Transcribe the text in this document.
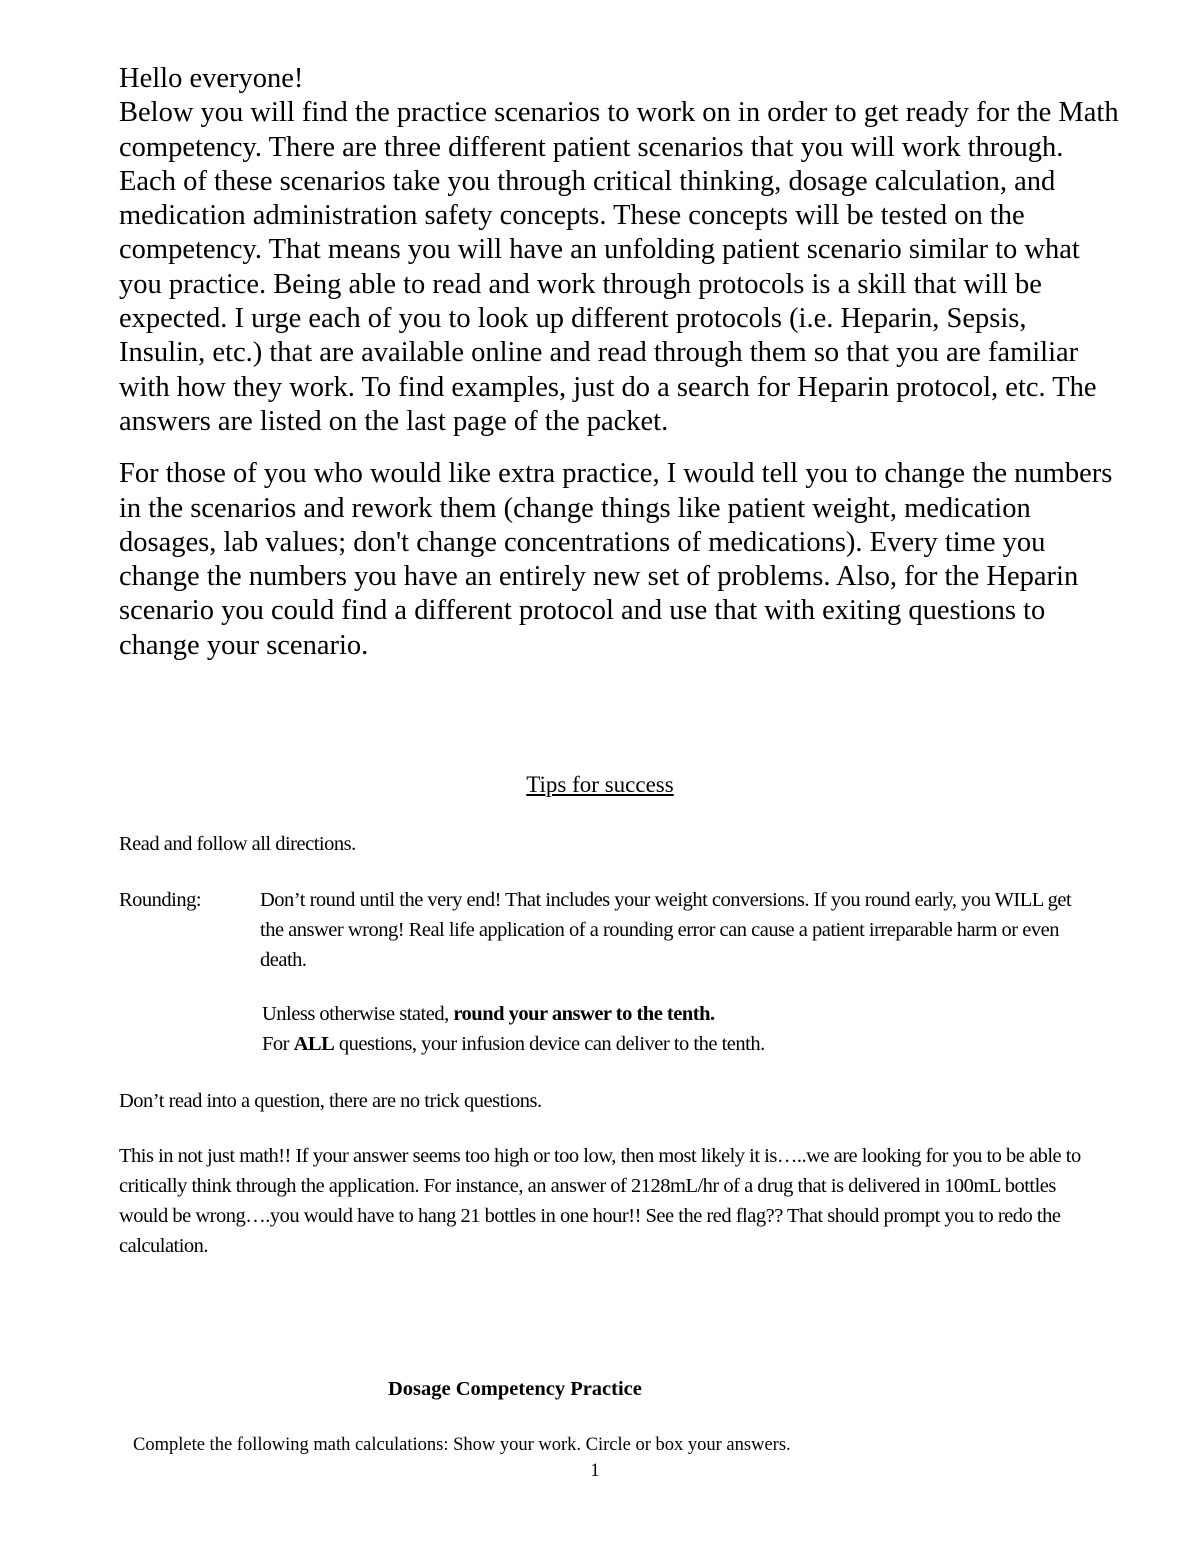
Hello everyone!

Below you will find the practice scenarios to work on in order to get ready for the Math competency. There are three different patient scenarios that you will work through. Each of these scenarios take you through critical thinking, dosage calculation, and medication administration safety concepts. These concepts will be tested on the competency. That means you will have an unfolding patient scenario similar to what you practice. Being able to read and work through protocols is a skill that will be expected. I urge each of you to look up different protocols (i.e. Heparin, Sepsis, Insulin, etc.) that are available online and read through them so that you are familiar with how they work. To find examples, just do a search for Heparin protocol, etc. The answers are listed on the last page of the packet.

For those of you who would like extra practice, I would tell you to change the numbers in the scenarios and rework them (change things like patient weight, medication dosages, lab values; don't change concentrations of medications). Every time you change the numbers you have an entirely new set of problems. Also, for the Heparin scenario you could find a different protocol and use that with exiting questions to change your scenario.

Tips for success
Read and follow all directions.
Rounding:	Don’t round until the very end! That includes your weight conversions. If you round early, you WILL get the answer wrong! Real life application of a rounding error can cause a patient irreparable harm or even death.
Unless otherwise stated, round your answer to the tenth.
For ALL questions, your infusion device can deliver to the tenth.
Don’t read into a question, there are no trick questions.
This in not just math!! If your answer seems too high or too low, then most likely it is…..we are looking for you to be able to critically think through the application. For instance, an answer of 2128mL/hr of a drug that is delivered in 100mL bottles would be wrong….you would have to hang 21 bottles in one hour!! See the red flag?? That should prompt you to redo the calculation.
Dosage Competency Practice
Complete the following math calculations: Show your work. Circle or box your answers.
1
